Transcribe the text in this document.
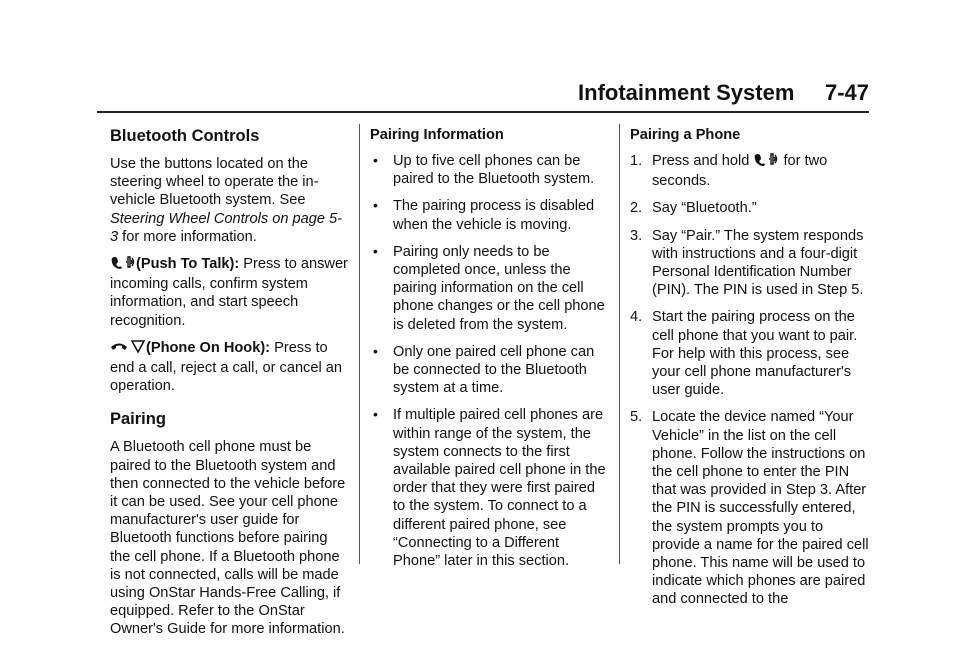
Infotainment System     7-47
Bluetooth Controls

Use the buttons located on the steering wheel to operate the in-vehicle Bluetooth system. See Steering Wheel Controls on page 5-3 for more information.

(Push To Talk): Press to answer incoming calls, confirm system information, and start speech recognition.

(Phone On Hook): Press to end a call, reject a call, or cancel an operation.

Pairing

A Bluetooth cell phone must be paired to the Bluetooth system and then connected to the vehicle before it can be used. See your cell phone manufacturer's user guide for Bluetooth functions before pairing the cell phone. If a Bluetooth phone is not connected, calls will be made using OnStar Hands-Free Calling, if equipped. Refer to the OnStar Owner's Guide for more information.

Pairing Information
• Up to five cell phones can be paired to the Bluetooth system.
• The pairing process is disabled when the vehicle is moving.
• Pairing only needs to be completed once, unless the pairing information on the cell phone changes or the cell phone is deleted from the system.
• Only one paired cell phone can be connected to the Bluetooth system at a time.
• If multiple paired cell phones are within range of the system, the system connects to the first available paired cell phone in the order that they were first paired to the system. To connect to a different paired phone, see “Connecting to a Different Phone” later in this section.
Pairing a Phone
1. Press and hold  for two seconds.
2. Say “Bluetooth.”
3. Say “Pair.” The system responds with instructions and a four-digit Personal Identification Number (PIN). The PIN is used in Step 5.
4. Start the pairing process on the cell phone that you want to pair. For help with this process, see your cell phone manufacturer's user guide.
5. Locate the device named “Your Vehicle” in the list on the cell phone. Follow the instructions on the cell phone to enter the PIN that was provided in Step 3. After the PIN is successfully entered, the system prompts you to provide a name for the paired cell phone. This name will be used to indicate which phones are paired and connected to the
